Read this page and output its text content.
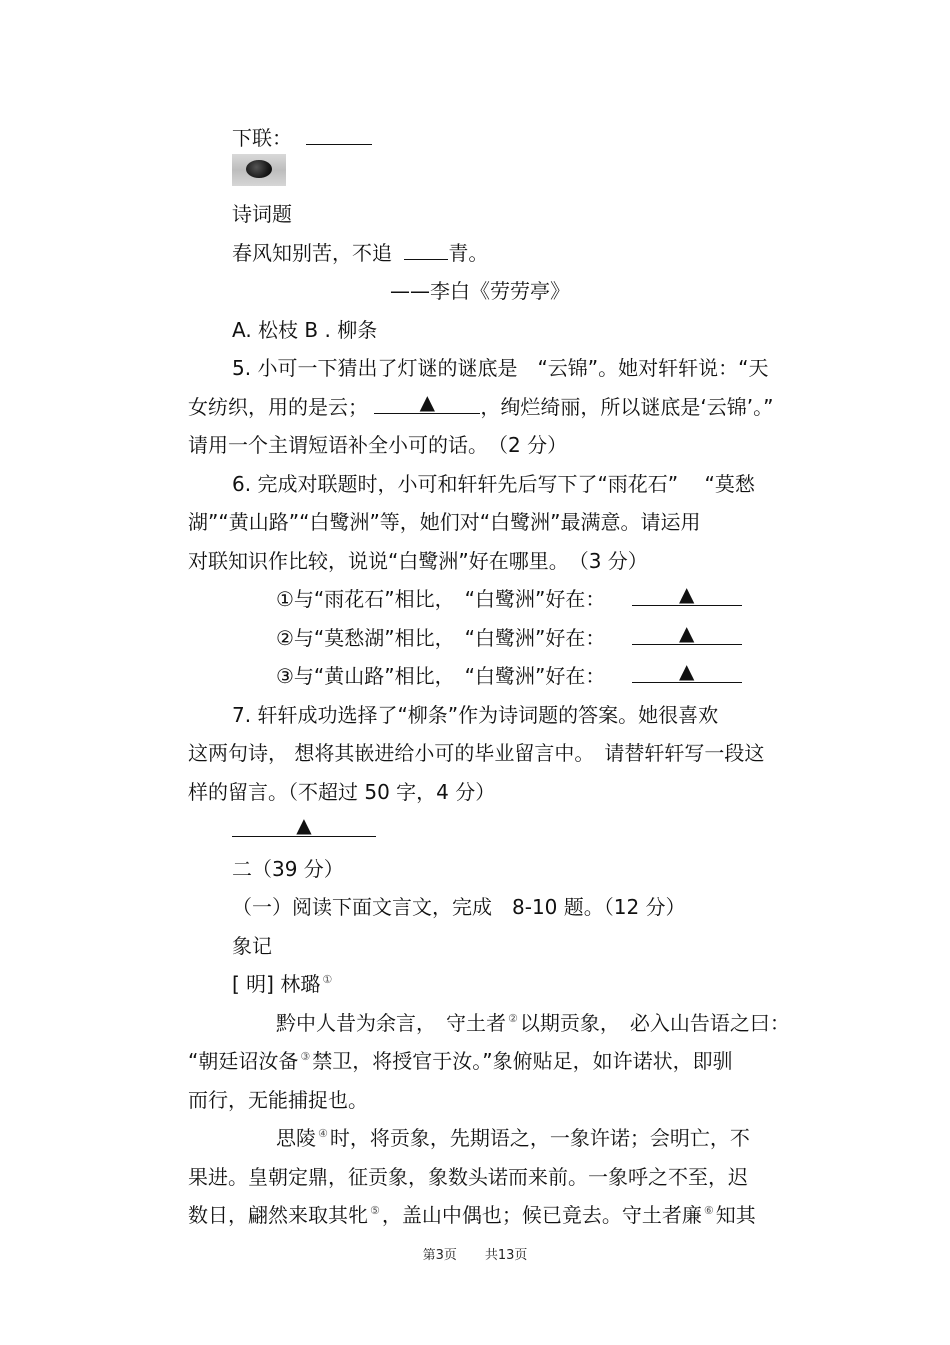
下联：
诗词题
春风知别苦，不追	青。
——李白《劳劳亭》
A. 松枝 B . 柳条
5. 小可一下猜出了灯谜的谜底是　“云锦”。她对轩轩说：“天
女纺织，用的是云；	▲ ，绚烂绮丽，所以谜底是‘云锦’。”
请用一个主谓短语补全小可的话。　（2 分）
6. 完成对联题时，小可和轩轩先后写下了“雨花石”　 “莫愁
湖”“黄山路”“白鹭洲”等，她们对“白鹭洲”最满意。请运用
对联知识作比较，说说“白鹭洲”好在哪里。　（3 分）
①与“雨花石”相比，　“白鹭洲”好在：	▲
②与“莫愁湖”相比，　“白鹭洲”好在：	▲
③与“黄山路”相比，　“白鹭洲”好在：	▲
7. 轩轩成功选择了“柳条”作为诗词题的答案。她很喜欢
这两句诗， 想将其嵌进给小可的毕业留言中。　请替轩轩写一段这
样的留言。（不超过 50 字，4 分）
▲
二（39 分）
（一）阅读下面文言文，完成　8-10 题。（12 分）
象记
[ 明] 林璐 ①
黔中人昔为余言，　守土者 ② 以期贡象，　必入山告语之曰：
“朝廷诏汝备 ③ 禁卫，将授官于汝。”象俯贴足，如许诺状，即驯
而行，无能捕捉也。
思陵 ④ 时，将贡象，先期语之，一象许诺；会明亡，不
果进。皇朝定鼎，征贡象，象数头诺而来前。一象呼之不至，迟
数日，翩然来取其牝 ⑤ ，盖山中偶也；候已竟去。守土者廉 ⑥ 知其
第3页 共13页
